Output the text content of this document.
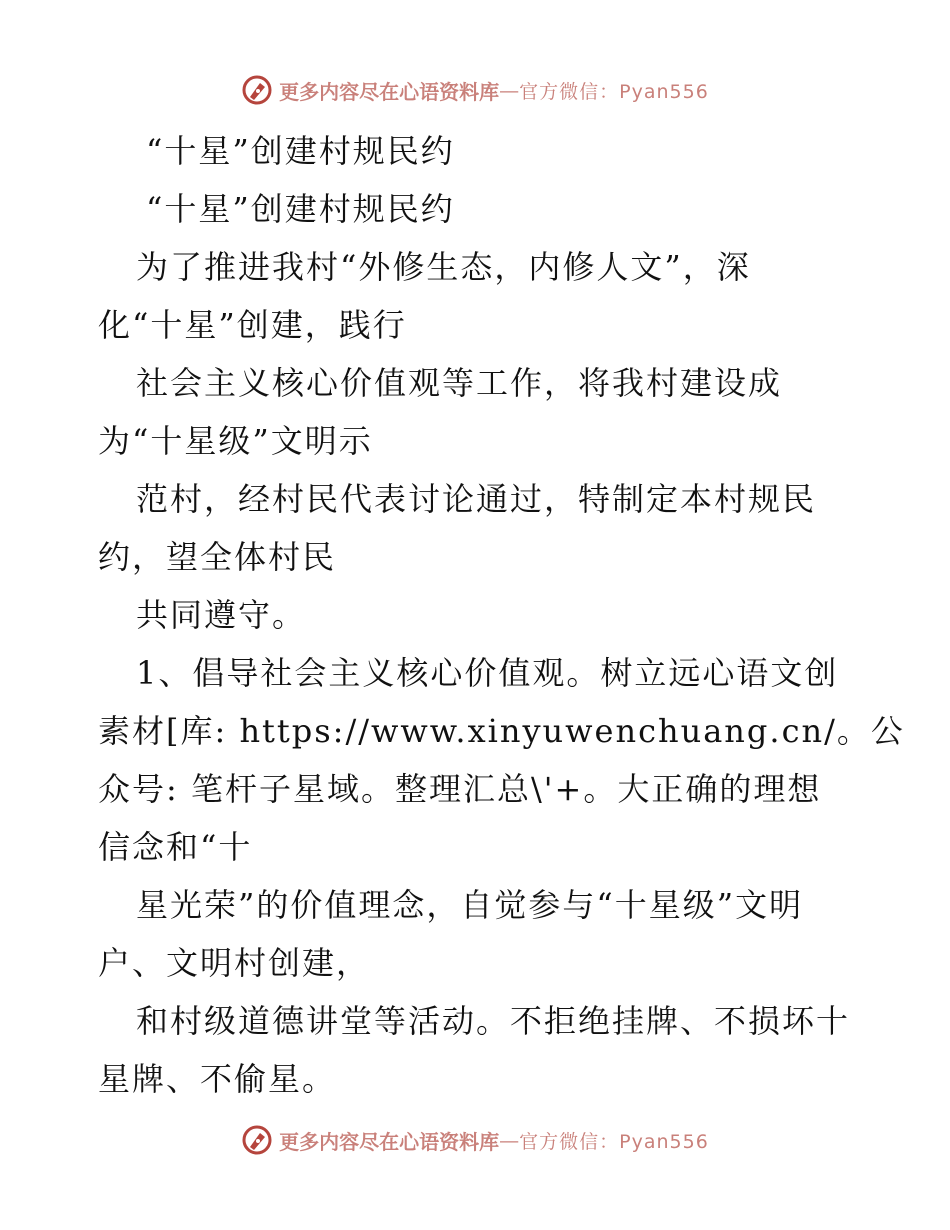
更多内容尽在心语资料库 — 官方微信：Pyan556
“十星”创建村规民约
“十星”创建村规民约
为了推进我村“外修生态，内修人文”，深
化“十星”创建，践行
社会主义核心价值观等工作，将我村建设成
为“十星级”文明示
范村，经村民代表讨论通过，特制定本村规民
约，望全体村民
共同遵守。
1、倡导社会主义核心价值观。树立远心语文创
素材[库: https://www.xinyuwenchuang.cn/。公
众号: 笔杆子星域。整理汇总\'+。大正确的理想
信念和“十
星光荣”的价值理念，自觉参与“十星级”文明
户、文明村创建，
和村级道德讲堂等活动。不拒绝挂牌、不损坏十
星牌、不偷星。
更多内容尽在心语资料库 — 官方微信：Pyan556
